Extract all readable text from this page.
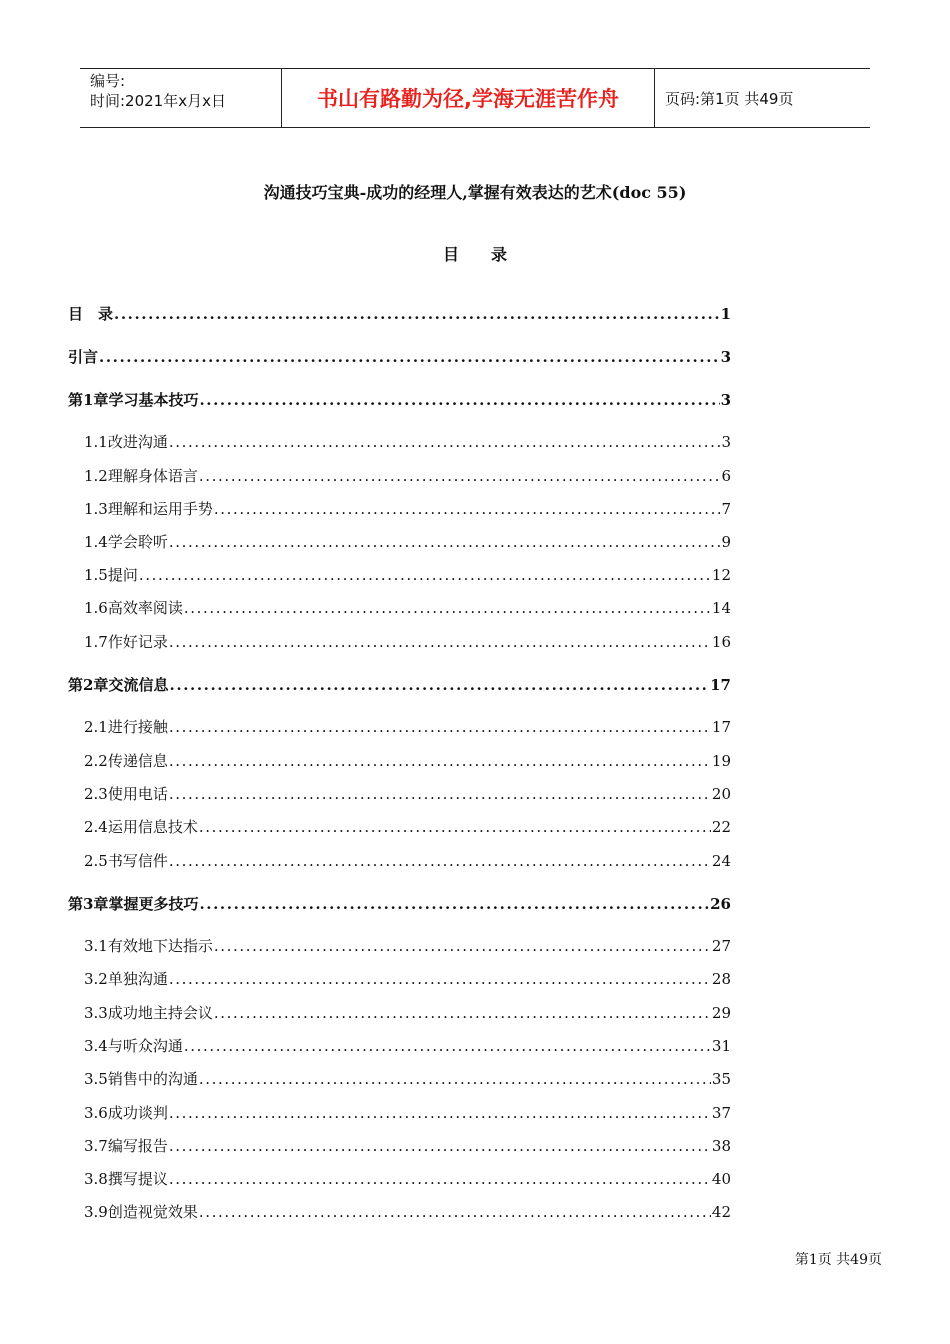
编号:
时间:2021年x月x日	书山有路勤为径,学海无涯苦作舟	页码:第1页 共49页
沟通技巧宝典-成功的经理人,掌握有效表达的艺术(doc 55)
目录
目　录 .....	1
引言 .....	3
第1章 学习基本技巧 .....	3
1.1改进沟通 .....	3
1.2理解身体语言 .....	6
1.3理解和运用手势 .....	7
1.4学会聆听 .....	9
1.5提问 .....	12
1.6高效率阅读 .....	14
1.7作好记录 .....	16
第2章 交流信息 .....	17
2.1进行接触 .....	17
2.2传递信息 .....	19
2.3使用电话 .....	20
2.4运用信息技术 .....	22
2.5书写信件 .....	24
第3章 掌握更多技巧 .....	26
3.1有效地下达指示 .....	27
3.2单独沟通 .....	28
3.3成功地主持会议 .....	29
3.4与听众沟通 .....	31
3.5销售中的沟通 .....	35
3.6成功谈判 .....	37
3.7编写报告 .....	38
3.8撰写提议 .....	40
3.9创造视觉效果 .....	42
第1页 共49页
